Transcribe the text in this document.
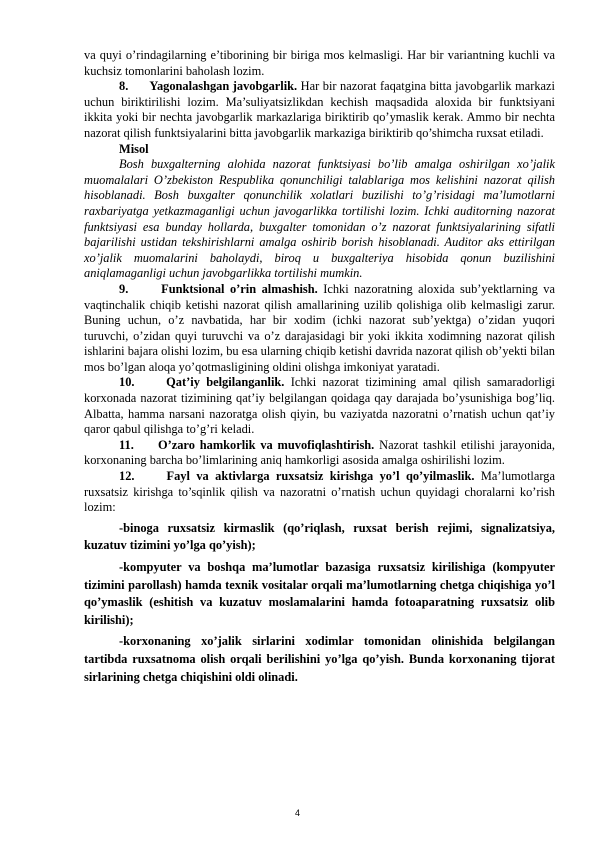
va quyi o’rindagilarning e’tiborining bir biriga mos kelmasligi. Har bir variantning kuchli va kuchsiz tomonlarini baholash lozim.

8. Yagonalashgan javobgarlik. Har bir nazorat faqatgina bitta javobgarlik markazi uchun biriktirilishi lozim. Ma’suliyatsizlikdan kechish maqsadida aloxida bir funktsiyani ikkita yoki bir nechta javobgarlik markazlariga biriktirib qo’ymaslik kerak. Ammo bir nechta nazorat qilish funktsiyalarini bitta javobgarlik markaziga biriktirib qo’shimcha ruxsat etiladi.

Misol

Bosh buxgalterning alohida nazorat funktsiyasi bo’lib amalga oshirilgan xo’jalik muomalalari O’zbekiston Respublika qonunchiligi talablariga mos kelishini nazorat qilish hisoblanadi. Bosh buxgalter qonunchilik xolatlari buzilishi to’g’risidagi ma’lumotlarni raxbariyatga yetkazmaganligi uchun javogarlikka tortilishi lozim. Ichki auditorning nazorat funktsiyasi esa bunday hollarda, buxgalter tomonidan o’z nazorat funktsiyalarining sifatli bajarilishi ustidan tekshirishlarni amalga oshirib borish hisoblanadi. Auditor aks ettirilgan xo’jalik muomalarini baholaydi, biroq u buxgalteriya hisobida qonun buzilishini aniqlamaganligi uchun javobgarlikka tortilishi mumkin.

9.	Funktsional o’rin almashish. Ichki nazoratning aloxida sub’yektlarning va vaqtinchalik chiqib ketishi nazorat qilish amallarining uzilib qolishiga olib kelmasligi zarur. Buning uchun, o’z navbatida, har bir xodim (ichki nazorat sub’yektga) o’zidan yuqori turuvchi, o’zidan quyi turuvchi va o’z darajasidagi bir yoki ikkita xodimning nazorat qilish ishlarini bajara olishi lozim, bu esa ularning chiqib ketishi davrida nazorat qilish ob’yekti bilan mos bo’lgan aloqa yo’qotmasligining oldini olishga imkoniyat yaratadi.

10.	Qat’iy belgilanganlik. Ichki nazorat tizimining amal qilish samaradorligi korxonada nazorat tizimining qat’iy belgilangan qoidaga qay darajada bo’ysunishiga bog’liq. Albatta, hamma narsani nazoratga olish qiyin, bu vaziyatda nazoratni o’rnatish uchun qat’iy qaror qabul qilishga to’g’ri keladi.

11. O’zaro hamkorlik va muvofiqlashtirish. Nazorat tashkil etilishi jarayonida, korxonaning barcha bo’limlarining aniq hamkorligi asosida amalga oshirilishi lozim.

12.	Fayl va aktivlarga ruxsatsiz kirishga yo’l qo’yilmaslik. Ma’lumotlarga ruxsatsiz kirishga to’sqinlik qilish va nazoratni o’rnatish uchun quyidagi choralarni ko’rish lozim:

-binoga ruxsatsiz kirmaslik (qo’riqlash, ruxsat berish rejimi, signalizatsiya, kuzatuv tizimini yo’lga qo’yish);

-kompyuter va boshqa ma’lumotlar bazasiga ruxsatsiz kirilishiga (kompyuter tizimini parollash) hamda texnik vositalar orqali ma’lumotlarning chetga chiqishiga yo’l qo’ymaslik (eshitish va kuzatuv moslamalarini hamda fotoaparatning ruxsatsiz olib kirilishi);

-korxonaning xo’jalik sirlarini xodimlar tomonidan olinishida belgilangan tartibda ruxsatnoma olish orqali berilishini yo’lga qo’yish. Bunda korxonaning tijorat sirlarining chetga chiqishini oldi olinadi.

4
